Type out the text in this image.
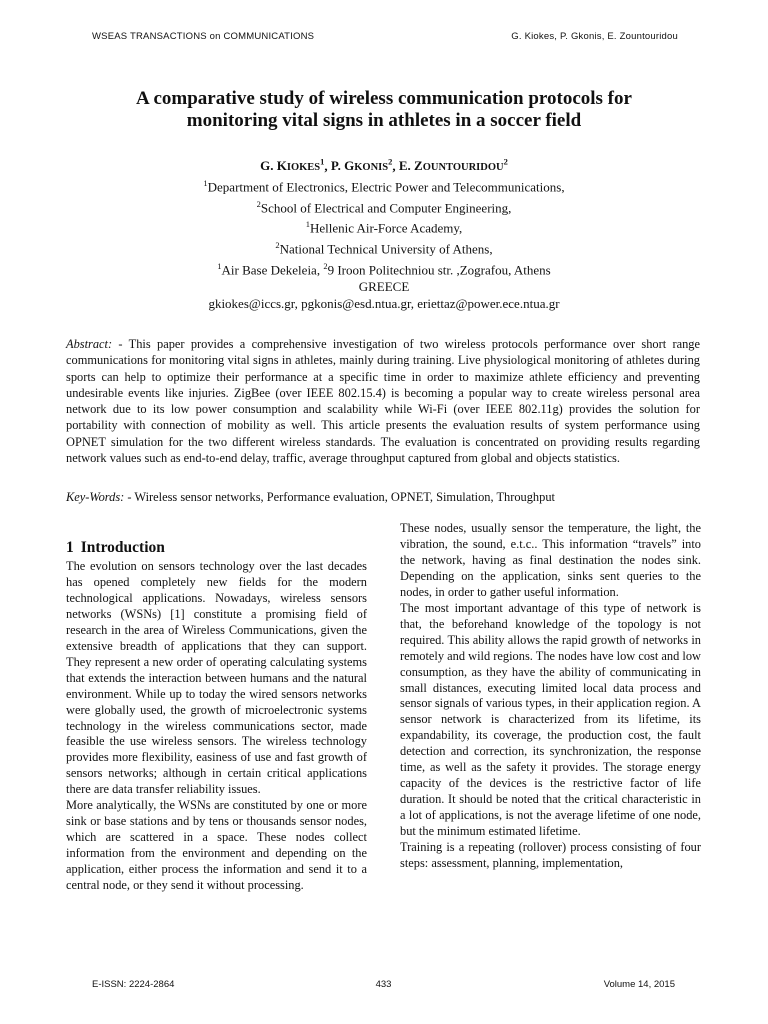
WSEAS TRANSACTIONS on COMMUNICATIONS	G. Kiokes, P. Gkonis, E. Zountouridou
A comparative study of wireless communication protocols for
monitoring vital signs in athletes in a soccer field
G. KIOKES$^1$, P. GKONIS$^2$, E. ZOUNTOURIDOU$^2$
$^1$Department of Electronics, Electric Power and Telecommunications,
$^2$School of Electrical and Computer Engineering,
$^1$Hellenic Air-Force Academy,
$^2$National Technical University of Athens,
$^1$Air Base Dekeleia, $^2$9 Iroon Politechniou str. ,Zografou, Athens
GREECE
gkiokes@iccs.gr, pgkonis@esd.ntua.gr, eriettaz@power.ece.ntua.gr
Abstract: - This paper provides a comprehensive investigation of two wireless protocols performance over short range communications for monitoring vital signs in athletes, mainly during training. Live physiological monitoring of athletes during sports can help to optimize their performance at a specific time in order to maximize athlete efficiency and preventing undesirable events like injuries. ZigBee (over IEEE 802.15.4) is becoming a popular way to create wireless personal area network due to its low power consumption and scalability while Wi-Fi (over IEEE 802.11g) provides the solution for portability with connection of mobility as well. This article presents the evaluation results of system performance using OPNET simulation for the two different wireless standards. The evaluation is concentrated on providing results regarding network values such as end-to-end delay, traffic, average throughput captured from global and objects statistics.
Key-Words: - Wireless sensor networks, Performance evaluation, OPNET, Simulation, Throughput
1 Introduction

The evolution on sensors technology over the last decades has opened completely new fields for the modern technological applications. Nowadays, wireless sensors networks (WSNs) [1] constitute a promising field of research in the area of Wireless Communications, given the extensive breadth of applications that they can support. They represent a new order of operating calculating systems that extends the interaction between humans and the natural environment. While up to today the wired sensors networks were globally used, the growth of microelectronic systems technology in the wireless communications sector, made feasible the use wireless sensors. The wireless technology provides more flexibility, easiness of use and fast growth of sensors networks; although in certain critical applications there are data transfer reliability issues.

More analytically, the WSNs are constituted by one or more sink or base stations and by tens or thousands sensor nodes, which are scattered in a space. These nodes collect information from the environment and depending on the application, either process the information and send it to a central node, or they send it without processing.

These nodes, usually sensor the temperature, the light, the vibration, the sound, e.t.c.. This information “travels” into the network, having as final destination the nodes sink. Depending on the application, sinks sent queries to the nodes, in order to gather useful information.

The most important advantage of this type of network is that, the beforehand knowledge of the topology is not required. This ability allows the rapid growth of networks in remotely and wild regions. The nodes have low cost and low consumption, as they have the ability of communicating in small distances, executing limited local data process and sensor signals of various types, in their application region. A sensor network is characterized from its lifetime, its expandability, its coverage, the production cost, the fault detection and correction, its synchronization, the response time, as well as the safety it provides. The storage energy capacity of the devices is the restrictive factor of life duration. It should be noted that the critical characteristic in a lot of applications, is not the average lifetime of one node, but the minimum estimated lifetime.

Training is a repeating (rollover) process consisting of four steps: assessment, planning, implementation,

E-ISSN: 2224-2864	433	Volume 14, 2015
